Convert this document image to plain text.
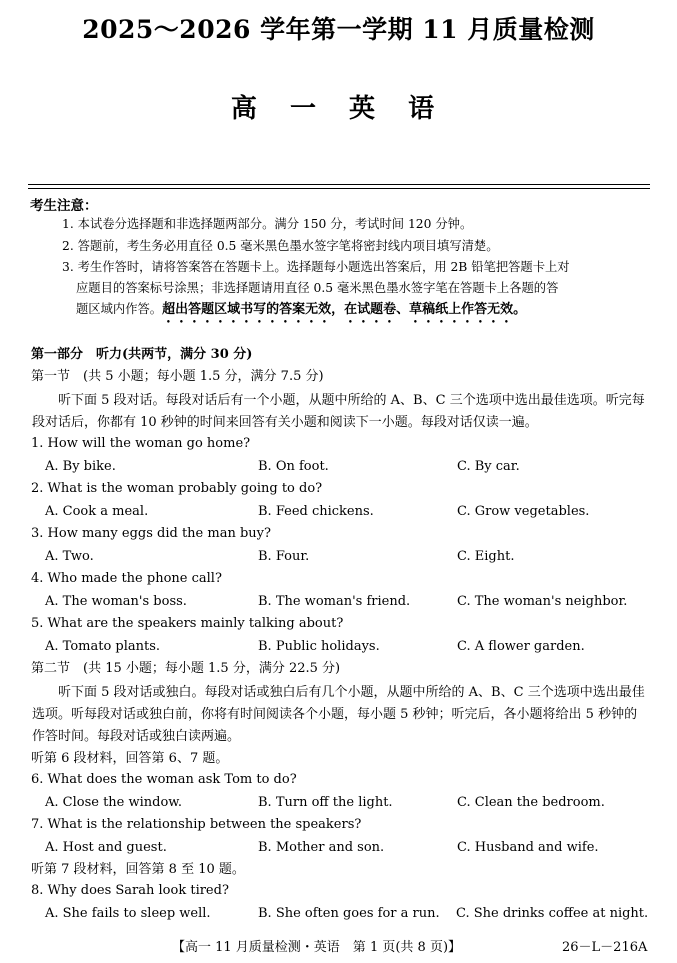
2025～2026 学年第一学期 11 月质量检测
高 一 英 语
考生注意：
1. 本试卷分选择题和非选择题两部分。满分 150 分，考试时间 120 分钟。
2. 答题前，考生务必用直径 0.5 毫米黑色墨水签字笔将密封线内项目填写清楚。
3. 考生作答时，请将答案答在答题卡上。选择题每小题选出答案后，用 2B 铅笔把答题卡上对
应题目的答案标号涂黑；非选择题请用直径 0.5 毫米黑色墨水签字笔在答题卡上各题的答
题区域内作答。超出答题区域书写的答案无效，在试题卷、草稿纸上作答无效。
第一部分　听力(共两节，满分 30 分)
第一节　(共 5 小题；每小题 1.5 分，满分 7.5 分)

听下面 5 段对话。每段对话后有一个小题，从题中所给的 A、B、C 三个选项中选出最佳选项。听完每段对话后，你都有 10 秒钟的时间来回答有关小题和阅读下一小题。每段对话仅读一遍。

1. How will the woman go home?
A. By bike.	B. On foot.	C. By car.
2. What is the woman probably going to do?
A. Cook a meal.	B. Feed chickens.	C. Grow vegetables.
3. How many eggs did the man buy?
A. Two.	B. Four.	C. Eight.
4. Who made the phone call?
A. The woman's boss.	B. The woman's friend.	C. The woman's neighbor.
5. What are the speakers mainly talking about?
A. Tomato plants.	B. Public holidays.	C. A flower garden.
第二节　(共 15 小题；每小题 1.5 分，满分 22.5 分)

听下面 5 段对话或独白。每段对话或独白后有几个小题，从题中所给的 A、B、C 三个选项中选出最佳选项。听每段对话或独白前，你将有时间阅读各个小题，每小题 5 秒钟；听完后，各小题将给出 5 秒钟的作答时间。每段对话或独白读两遍。

听第 6 段材料，回答第 6、7 题。
6. What does the woman ask Tom to do?
A. Close the window.	B. Turn off the light.	C. Clean the bedroom.
7. What is the relationship between the speakers?
A. Host and guest.	B. Mother and son.	C. Husband and wife.
听第 7 段材料，回答第 8 至 10 题。
8. Why does Sarah look tired?
A. She fails to sleep well.	B. She often goes for a run. C. She drinks coffee at night.
【高一 11 月质量检测・英语　第 1 页(共 8 页)】	26－L－216A
